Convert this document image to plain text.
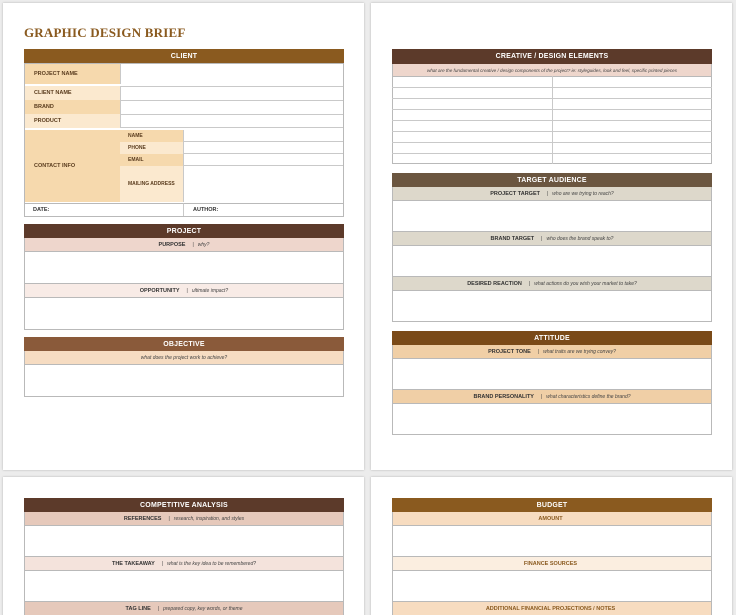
GRAPHIC DESIGN BRIEF
CLIENT
PROJECT NAME
CLIENT NAME
BRAND
PRODUCT
CONTACT INFO
NAME
PHONE
EMAIL
MAILING ADDRESS
DATE:	AUTHOR:
PROJECT
PURPOSE | why?
OPPORTUNITY | ultimate impact?
OBJECTIVE
what does the project work to achieve?
CREATIVE / DESIGN ELEMENTS
what are the fundamental creative / design components of the project? ie: styleguides, look and feel, specific printed pieces
TARGET AUDIENCE
PROJECT TARGET | who are we trying to reach?
BRAND TARGET | who does the brand speak to?
DESIRED REACTION | what actions do you wish your market to take?
ATTITUDE
PROJECT TONE | what traits are we trying convey?
BRAND PERSONALITY | what characteristics define the brand?
COMPETITIVE ANALYSIS
REFERENCES | research, inspiration, and styles
THE TAKEAWAY | what is the key idea to be remembered?
TAG LINE | prepared copy, key words, or theme
BUDGET
AMOUNT
FINANCE SOURCES
ADDITIONAL FINANCIAL PROJECTIONS / NOTES
